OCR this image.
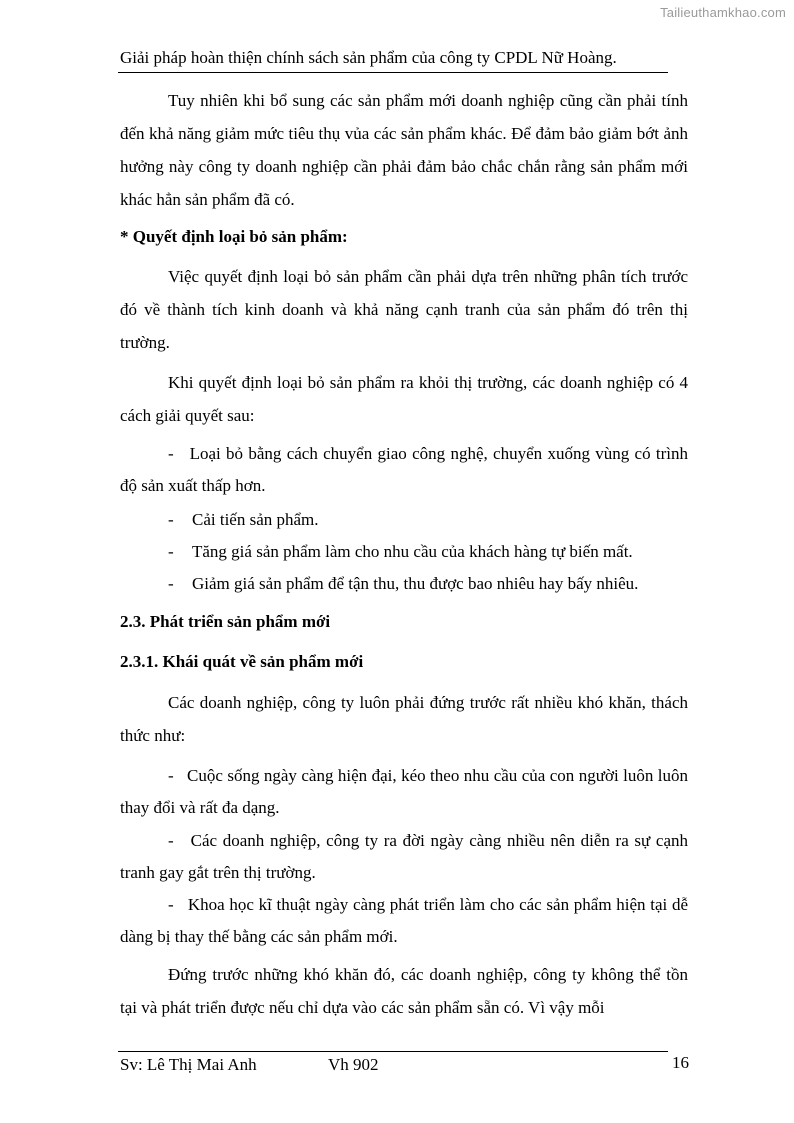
Tailieuthamkhao.com
Giải pháp hoàn thiện chính sách sản phẩm của công ty CPDL Nữ Hoàng.
Tuy nhiên khi bổ sung các sản phẩm mới doanh nghiệp cũng cần phải tính đến khả năng giảm mức tiêu thụ vủa các sản phẩm khác. Để đảm bảo giảm bớt ảnh hưởng này công ty doanh nghiệp cần phải đảm bảo chắc chắn rằng sản phẩm mới khác hẳn sản phẩm đã có.
* Quyết định loại bỏ sản phẩm:
Việc quyết định loại bỏ sản phẩm cần phải dựa trên những phân tích trước đó về thành tích kinh doanh và khả năng cạnh tranh của sản phẩm đó trên thị trường.
Khi quyết định loại bỏ sản phẩm ra khỏi thị trường, các doanh nghiệp có 4 cách giải quyết sau:
- Loại bỏ bằng cách chuyển giao công nghệ, chuyển xuống vùng có trình độ sản xuất thấp hơn.
- Cải tiến sản phẩm.
- Tăng giá sản phẩm làm cho nhu cầu của khách hàng tự biến mất.
- Giảm giá sản phẩm để tận thu, thu được bao nhiêu hay bấy nhiêu.
2.3. Phát triển sản phẩm mới
2.3.1. Khái quát về sản phẩm mới
Các doanh nghiệp, công ty luôn phải đứng trước rất nhiều khó khăn, thách thức như:
- Cuộc sống ngày càng hiện đại, kéo theo nhu cầu của con người luôn luôn thay đổi và rất đa dạng.
- Các doanh nghiệp, công ty ra đời ngày càng nhiều nên diễn ra sự cạnh tranh gay gắt trên thị trường.
- Khoa học kĩ thuật ngày càng phát triển làm cho các sản phẩm hiện tại dễ dàng bị thay thế bằng các sản phẩm mới.
Đứng trước những khó khăn đó, các doanh nghiệp, công ty không thể tồn tại và phát triển được nếu chỉ dựa vào các sản phẩm sẵn có. Vì vậy mỗi
Sv: Lê Thị Mai Anh	Vh 902	16
